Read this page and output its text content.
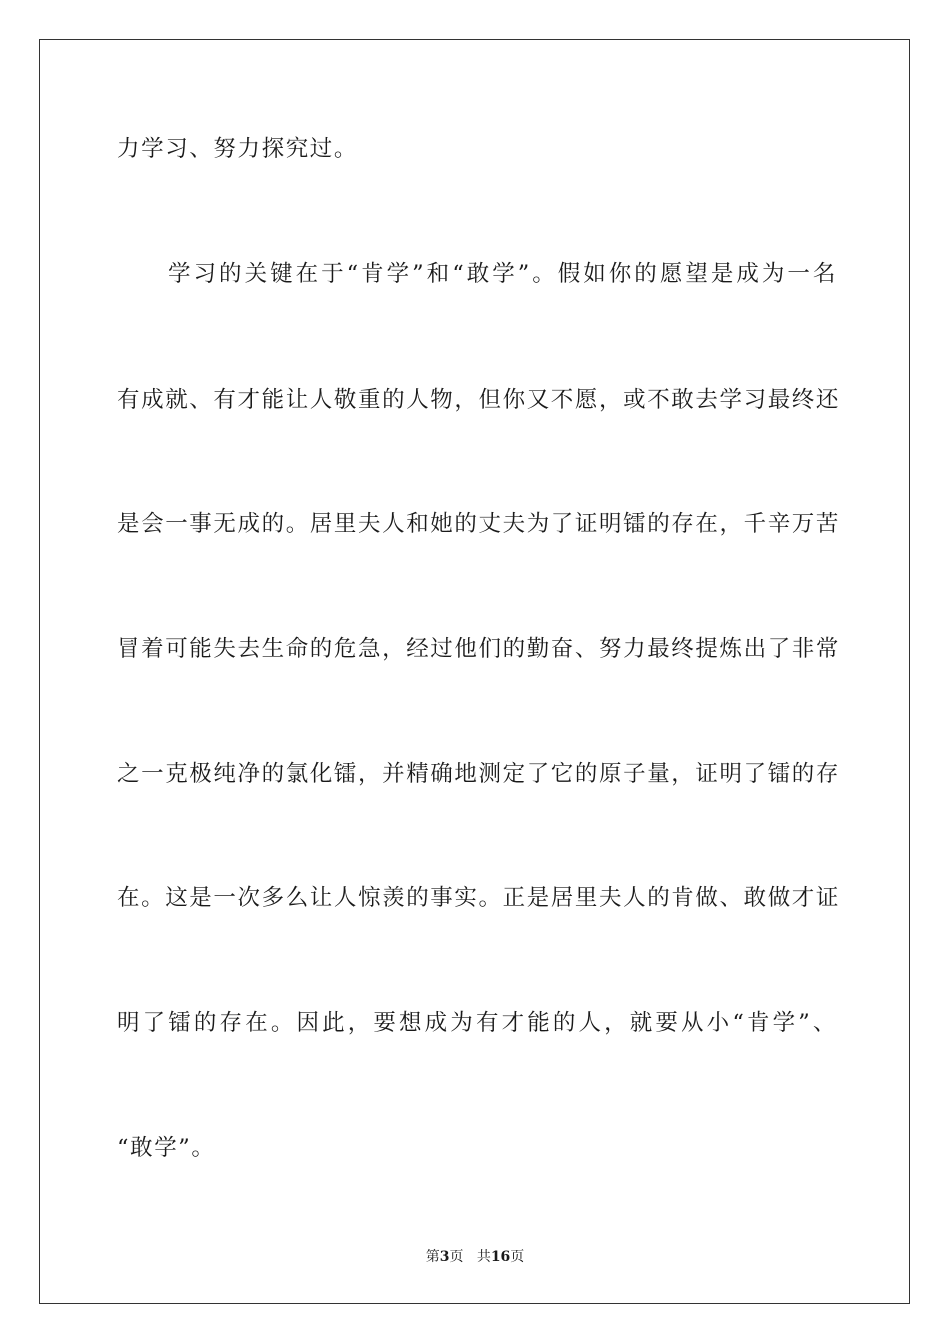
力学习、努力探究过。
　　学习的关键在于“肯学”和“敢学”。假如你的愿望是成为一名
有成就、有才能让人敬重的人物，但你又不愿，或不敢去学习最终还
是会一事无成的。居里夫人和她的丈夫为了证明镭的存在，千辛万苦
冒着可能失去生命的危急，经过他们的勤奋、努力最终提炼出了非常
之一克极纯净的氯化镭，并精确地测定了它的原子量，证明了镭的存
在。这是一次多么让人惊羡的事实。正是居里夫人的肯做、敢做才证
明了镭的存在。因此，要想成为有才能的人，就要从小“肯学”、
“敢学”。
第3页 共16页
